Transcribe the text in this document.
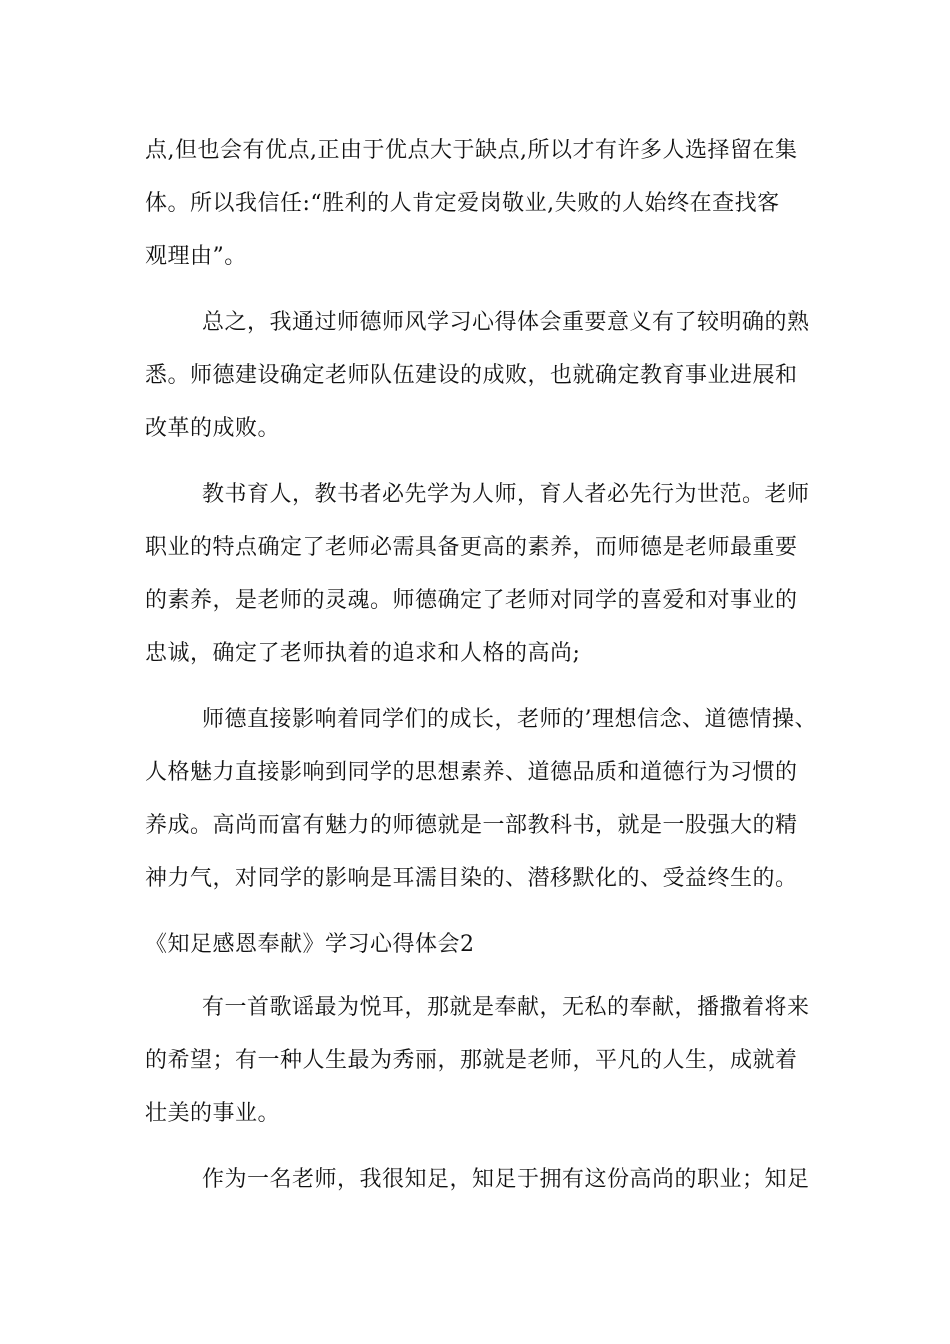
点,但也会有优点,正由于优点大于缺点,所以才有许多人选择留在集
体。所以我信任:“胜利的人肯定爱岗敬业,失败的人始终在查找客
观理由”。
总之，我通过师德师风学习心得体会重要意义有了较明确的熟
悉。师德建设确定老师队伍建设的成败，也就确定教育事业进展和
改革的成败。
教书育人，教书者必先学为人师，育人者必先行为世范。老师
职业的特点确定了老师必需具备更高的素养，而师德是老师最重要
的素养，是老师的灵魂。师德确定了老师对同学的喜爱和对事业的
忠诚，确定了老师执着的追求和人格的高尚;
师德直接影响着同学们的成长，老师的’理想信念、道德情操、
人格魅力直接影响到同学的思想素养、道德品质和道德行为习惯的
养成。高尚而富有魅力的师德就是一部教科书，就是一股强大的精
神力气，对同学的影响是耳濡目染的、潜移默化的、受益终生的。
《知足感恩奉献》学习心得体会2
有一首歌谣最为悦耳，那就是奉献，无私的奉献，播撒着将来
的希望；有一种人生最为秀丽，那就是老师，平凡的人生，成就着
壮美的事业。
作为一名老师，我很知足，知足于拥有这份高尚的职业；知足
